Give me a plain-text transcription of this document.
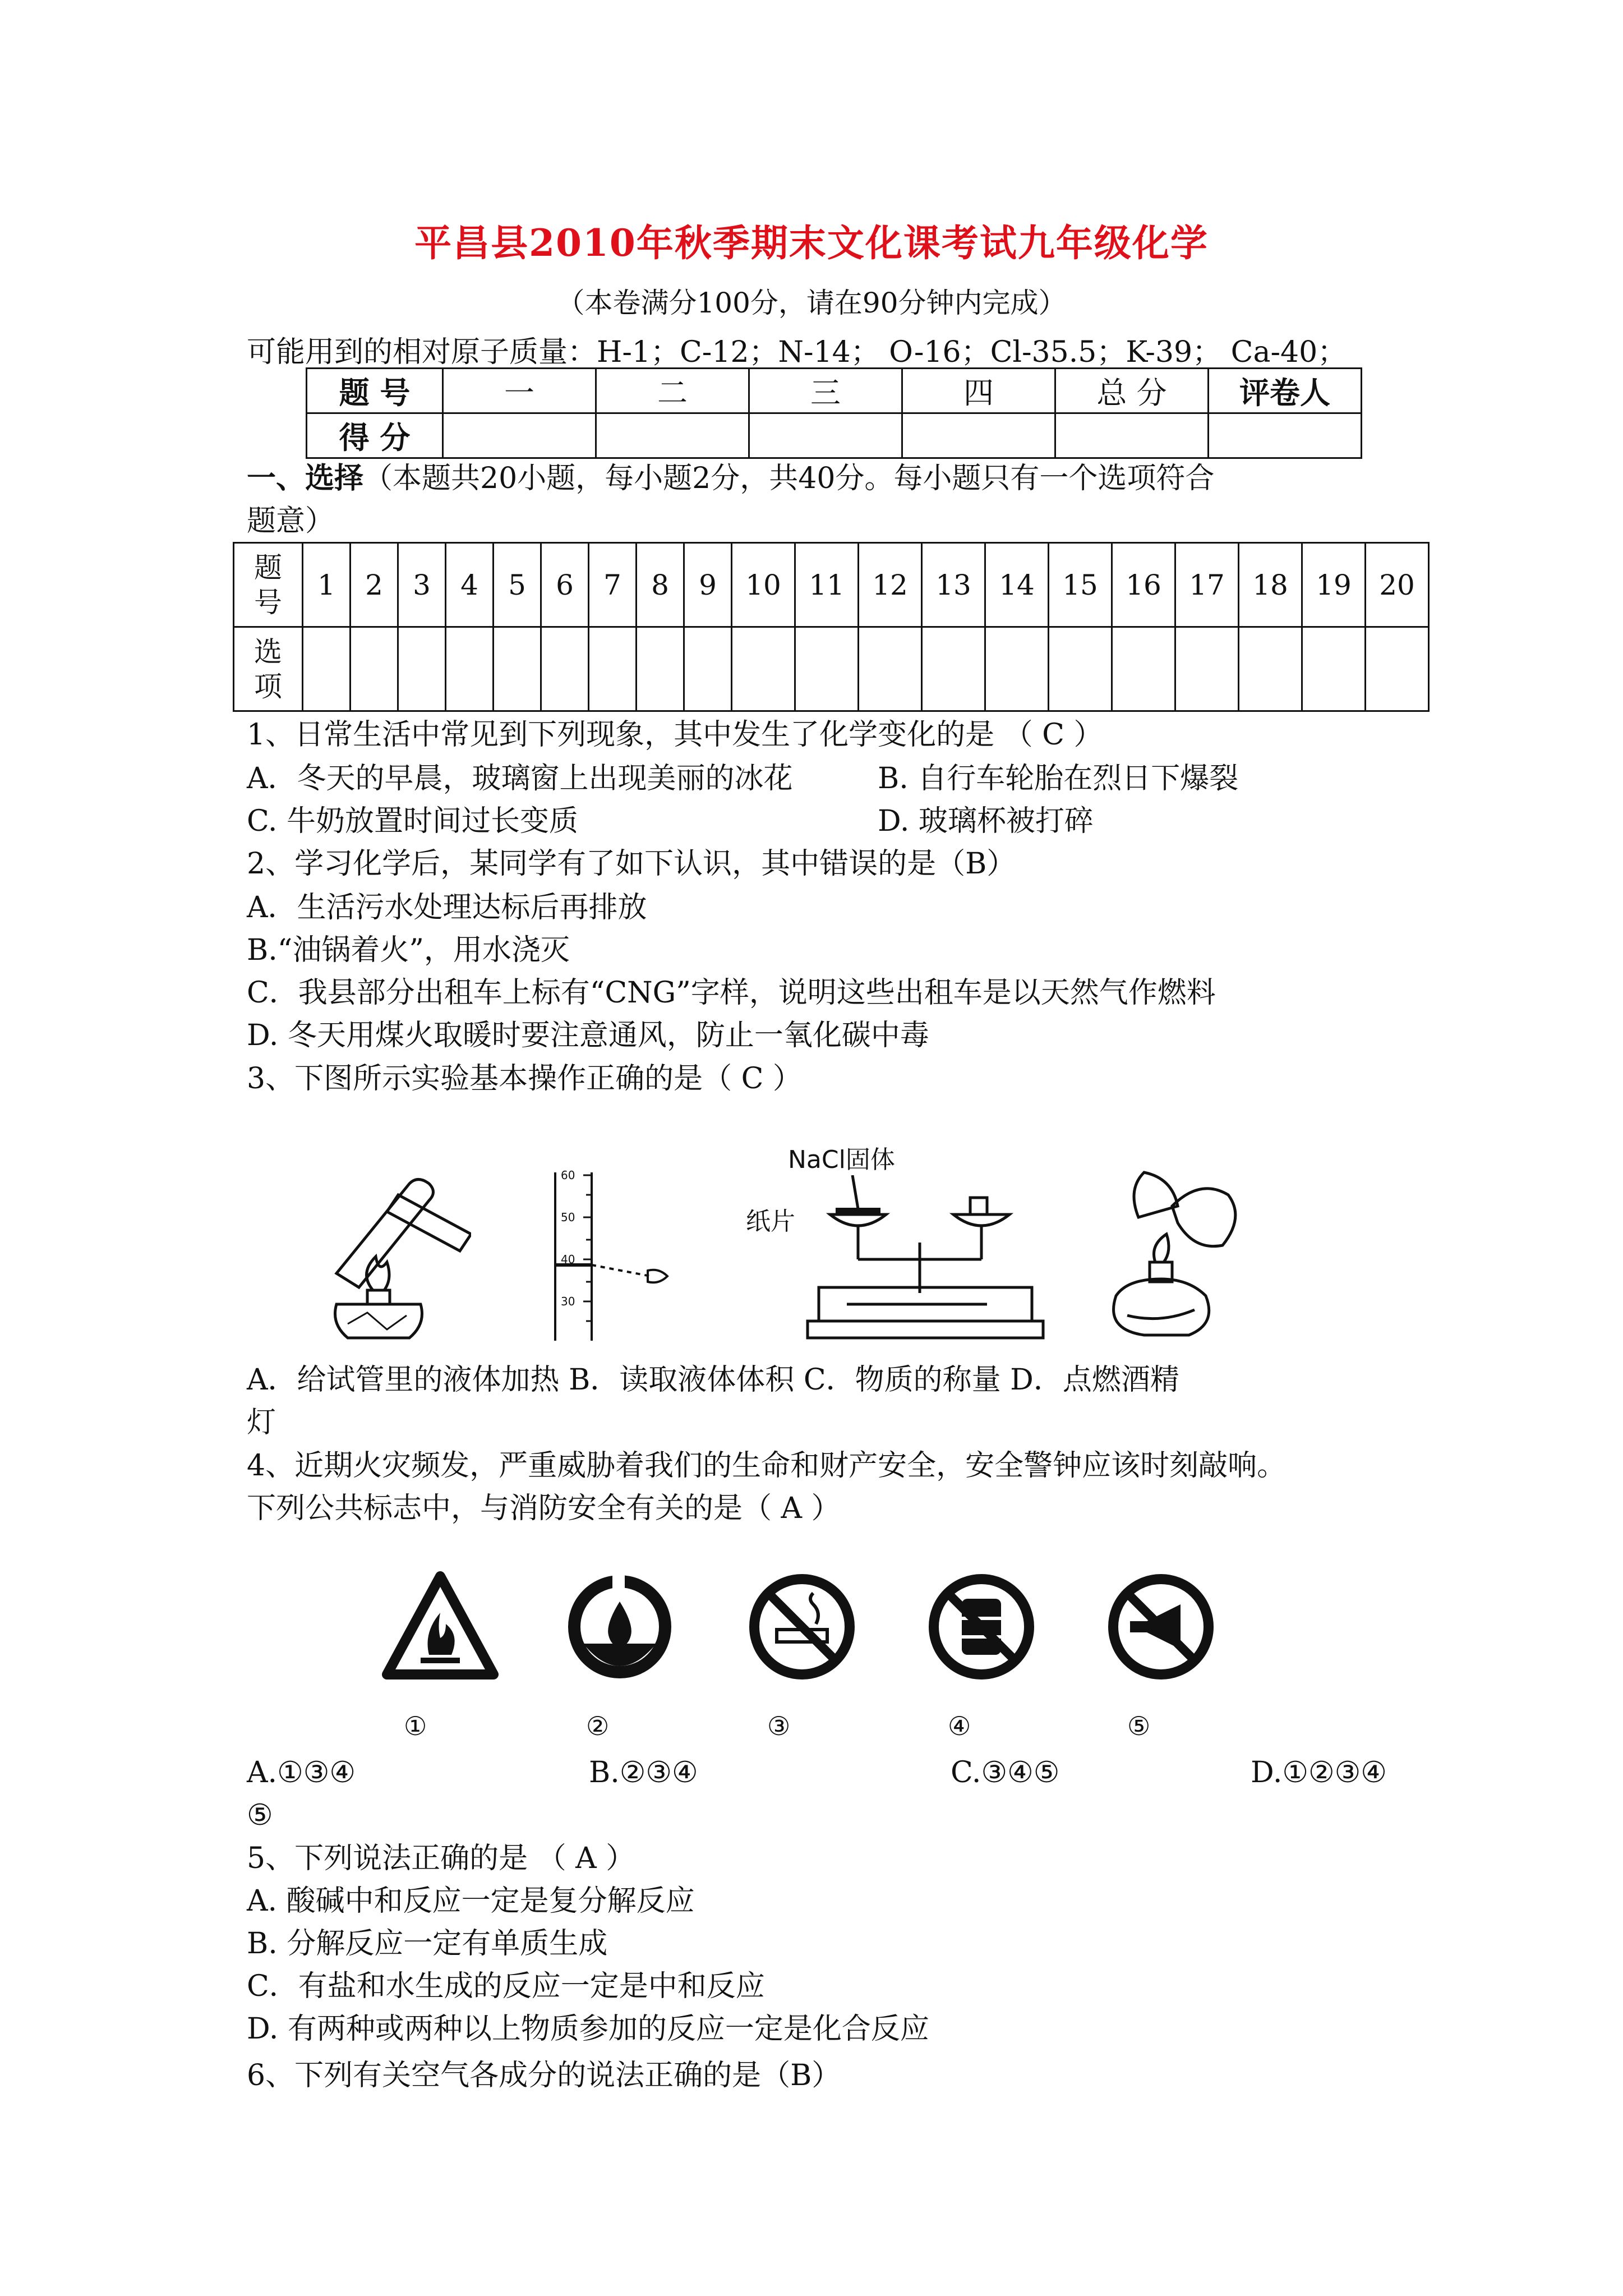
平昌县2010年秋季期末文化课考试九年级化学
（本卷满分100分，请在90分钟内完成）
可能用到的相对原子质量：H-1；C-12；N-14； O-16；Cl-35.5；K-39； Ca-40；
题 号	一	二	三	四	总 分	评卷人
得 分						
一、选择（本题共20小题，每小题2分，共40分。每小题只有一个选项符合
题意）
题
号	1	2	3	4	5	6	7	8	9	10	11	12	13	14	15	16	17	18	19	20
选
项																				
1、日常生活中常见到下列现象，其中发生了化学变化的是 （ C ）
A．冬天的早晨，玻璃窗上出现美丽的冰花	B. 自行车轮胎在烈日下爆裂
C. 牛奶放置时间过长变质	D. 玻璃杯被打碎
2、学习化学后，某同学有了如下认识，其中错误的是（B）
A．生活污水处理达标后再排放
B.“油锅着火”，用水浇灭
C．我县部分出租车上标有“CNG”字样，说明这些出租车是以天然气作燃料
D. 冬天用煤火取暖时要注意通风，防止一氧化碳中毒
3、下图所示实验基本操作正确的是（ C ）
60
50
40
30
NaCl固体
纸片
A．给试管里的液体加热 B．读取液体体积 C．物质的称量 D．点燃酒精
灯
4、近期火灾频发，严重威胁着我们的生命和财产安全，安全警钟应该时刻敲响。
下列公共标志中，与消防安全有关的是（ A ）
①	②	③	④	⑤
A.①③④	B.②③④	C.③④⑤	D.①②③④
⑤
5、下列说法正确的是 （ A ）
A. 酸碱中和反应一定是复分解反应
B. 分解反应一定有单质生成
C．有盐和水生成的反应一定是中和反应
D. 有两种或两种以上物质参加的反应一定是化合反应
6、下列有关空气各成分的说法正确的是（B）
